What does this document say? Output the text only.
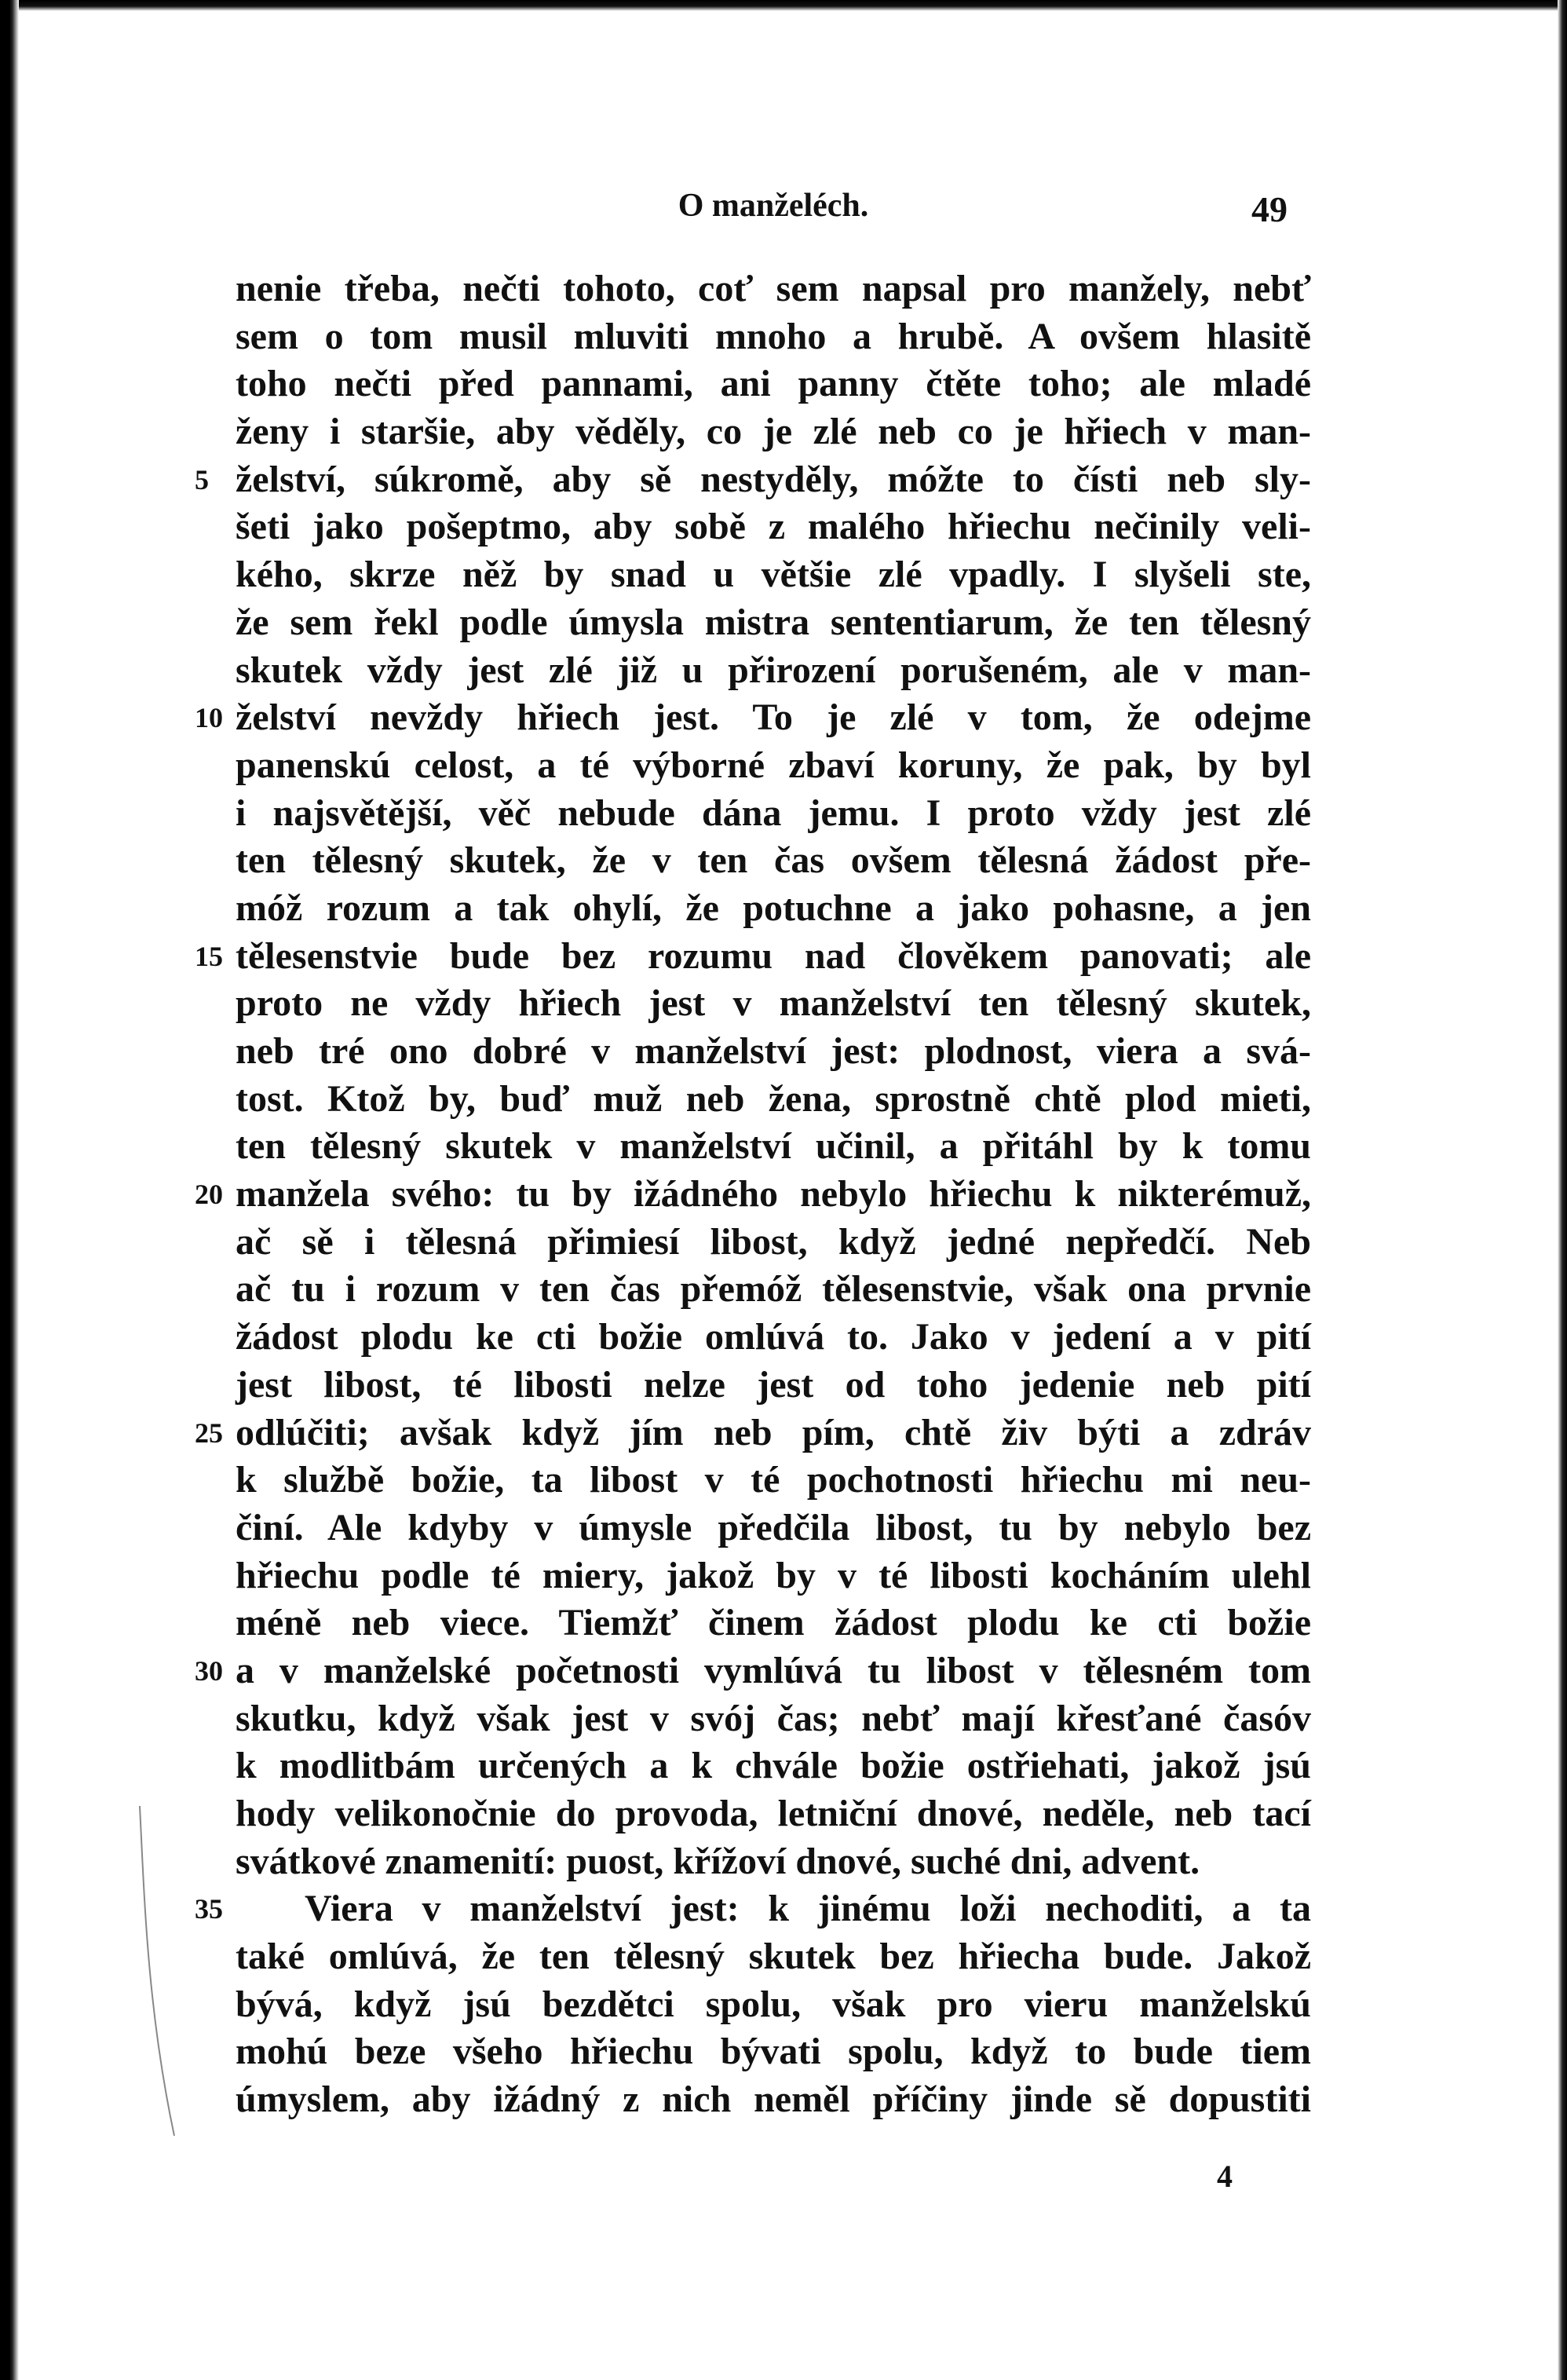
O manželéch.	49
nenie třeba, nečti tohoto, coť sem napsal pro manžely, nebť
sem o tom musil mluviti mnoho a hrubě. A ovšem hlasitě
toho nečti před pannami, ani panny čtěte toho; ale mladé
ženy i staršie, aby věděly, co je zlé neb co je hřiech v man-
5 želství, súkromě, aby sě nestyděly, móžte to čísti neb sly-
šeti jako pošeptmo, aby sobě z malého hřiechu nečinily veli-
kého, skrze něž by snad u většie zlé vpadly. I slyšeli ste,
že sem řekl podle úmysla mistra sententiarum, že ten tělesný
skutek vždy jest zlé již u přirození porušeném, ale v man-
10 želství nevždy hřiech jest. To je zlé v tom, že odejme
panenskú celost, a té výborné zbaví koruny, že pak, by byl
i najsvětější, věč nebude dána jemu. I proto vždy jest zlé
ten tělesný skutek, že v ten čas ovšem tělesná žádost pře-
móž rozum a tak ohylí, že potuchne a jako pohasne, a jen
15 tělesenstvie bude bez rozumu nad člověkem panovati; ale
proto ne vždy hřiech jest v manželství ten tělesný skutek,
neb tré ono dobré v manželství jest: plodnost, viera a svá-
tost. Ktož by, buď muž neb žena, sprostně chtě plod mieti,
ten tělesný skutek v manželství učinil, a přitáhl by k tomu
20 manžela svého: tu by ižádného nebylo hřiechu k nikterémuž,
ač sě i tělesná přimiesí libost, když jedné nepředčí. Neb
ač tu i rozum v ten čas přemóž tělesenstvie, však ona prvnie
žádost plodu ke cti božie omlúvá to. Jako v jedení a v pití
jest libost, té libosti nelze jest od toho jedenie neb pití
25 odlúčiti; avšak když jím neb pím, chtě živ býti a zdráv
k službě božie, ta libost v té pochotnosti hřiechu mi neu-
činí. Ale kdyby v úmysle předčila libost, tu by nebylo bez
hřiechu podle té miery, jakož by v té libosti kocháním ulehl
méně neb viece. Tiemžť činem žádost plodu ke cti božie
30 a v manželské početnosti vymlúvá tu libost v tělesném tom
skutku, když však jest v svój čas; nebť mají křesťané časóv
k modlitbám určených a k chvále božie ostřiehati, jakož jsú
hody velikonočnie do provoda, letniční dnové, neděle, neb tací
svátkové znamenití: puost, křížoví dnové, suché dni, advent.
35 Viera v manželství jest: k jinému loži nechoditi, a ta
také omlúvá, že ten tělesný skutek bez hřiecha bude. Jakož
bývá, když jsú bezdětci spolu, však pro vieru manželskú
mohú beze všeho hřiechu bývati spolu, když to bude tiem
úmyslem, aby ižádný z nich neměl příčiny jinde sě dopustiti
4
